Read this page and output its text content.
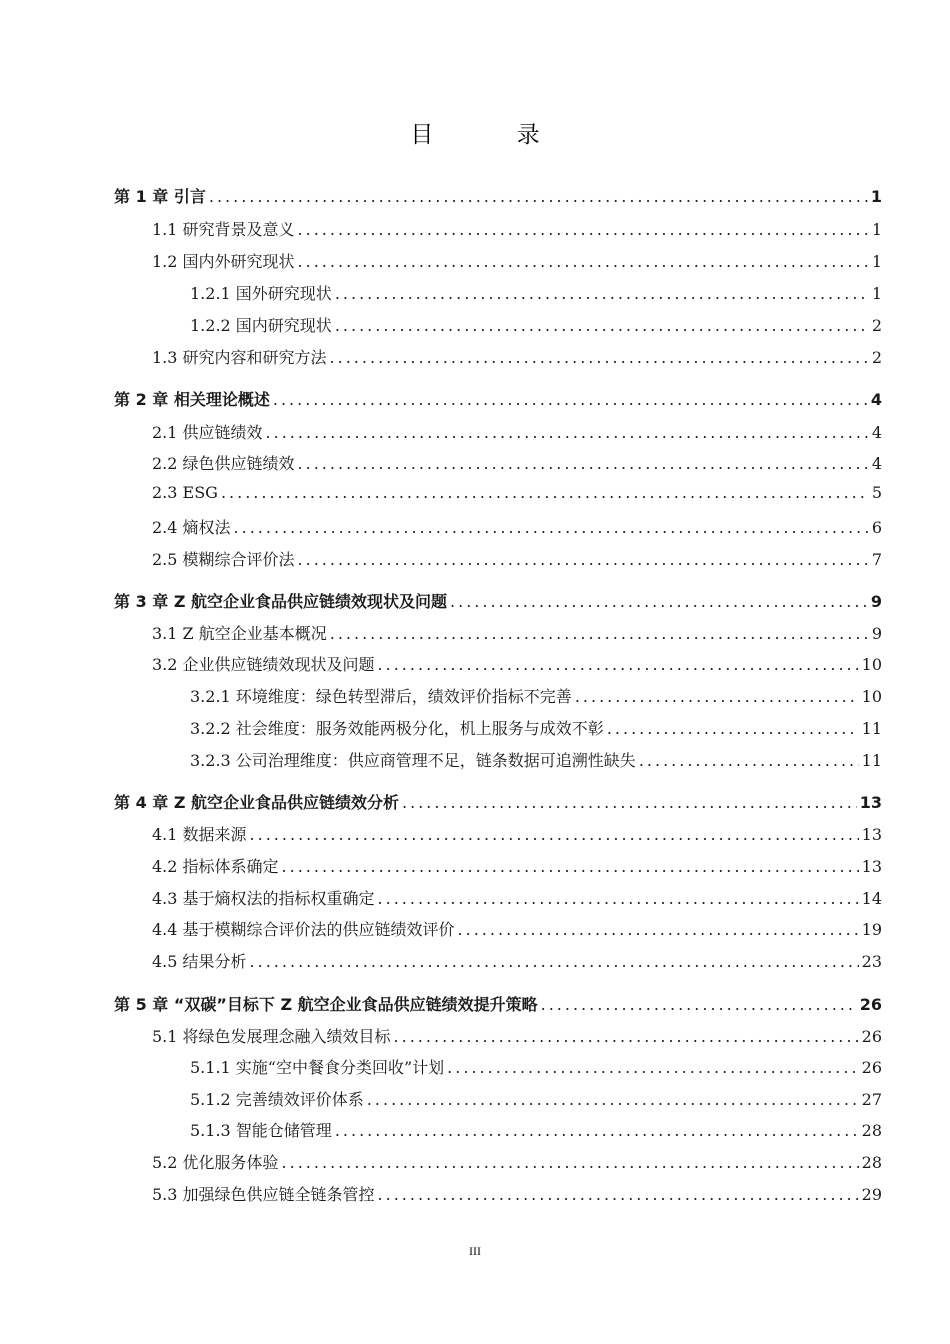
目 录
第 1 章 引言 .....	1
1.1 研究背景及意义 .....	1
1.2 国内外研究现状 .....	1
1.2.1 国外研究现状 .....	1
1.2.2 国内研究现状 .....	2
1.3 研究内容和研究方法 .....	2
第 2 章 相关理论概述 .....	4
2.1 供应链绩效 .....	4
2.2 绿色供应链绩效 .....	4
2.3 ESG .....	5
2.4 熵权法 .....	6
2.5 模糊综合评价法 .....	7
第 3 章 Z 航空企业食品供应链绩效现状及问题 .....	9
3.1 Z 航空企业基本概况 .....	9
3.2 企业供应链绩效现状及问题 .....	10
3.2.1 环境维度：绿色转型滞后，绩效评价指标不完善 .....	10
3.2.2 社会维度：服务效能两极分化，机上服务与成效不彰 .....	11
3.2.3 公司治理维度：供应商管理不足，链条数据可追溯性缺失 .....	11
第 4 章 Z 航空企业食品供应链绩效分析 .....	13
4.1 数据来源 .....	13
4.2 指标体系确定 .....	13
4.3 基于熵权法的指标权重确定 .....	14
4.4 基于模糊综合评价法的供应链绩效评价 .....	19
4.5 结果分析 .....	23
第 5 章 “双碳”目标下 Z 航空企业食品供应链绩效提升策略 .....	26
5.1 将绿色发展理念融入绩效目标 .....	26
5.1.1 实施“空中餐食分类回收”计划 .....	26
5.1.2 完善绩效评价体系 .....	27
5.1.3 智能仓储管理 .....	28
5.2 优化服务体验 .....	28
5.3 加强绿色供应链全链条管控 .....	29
III
